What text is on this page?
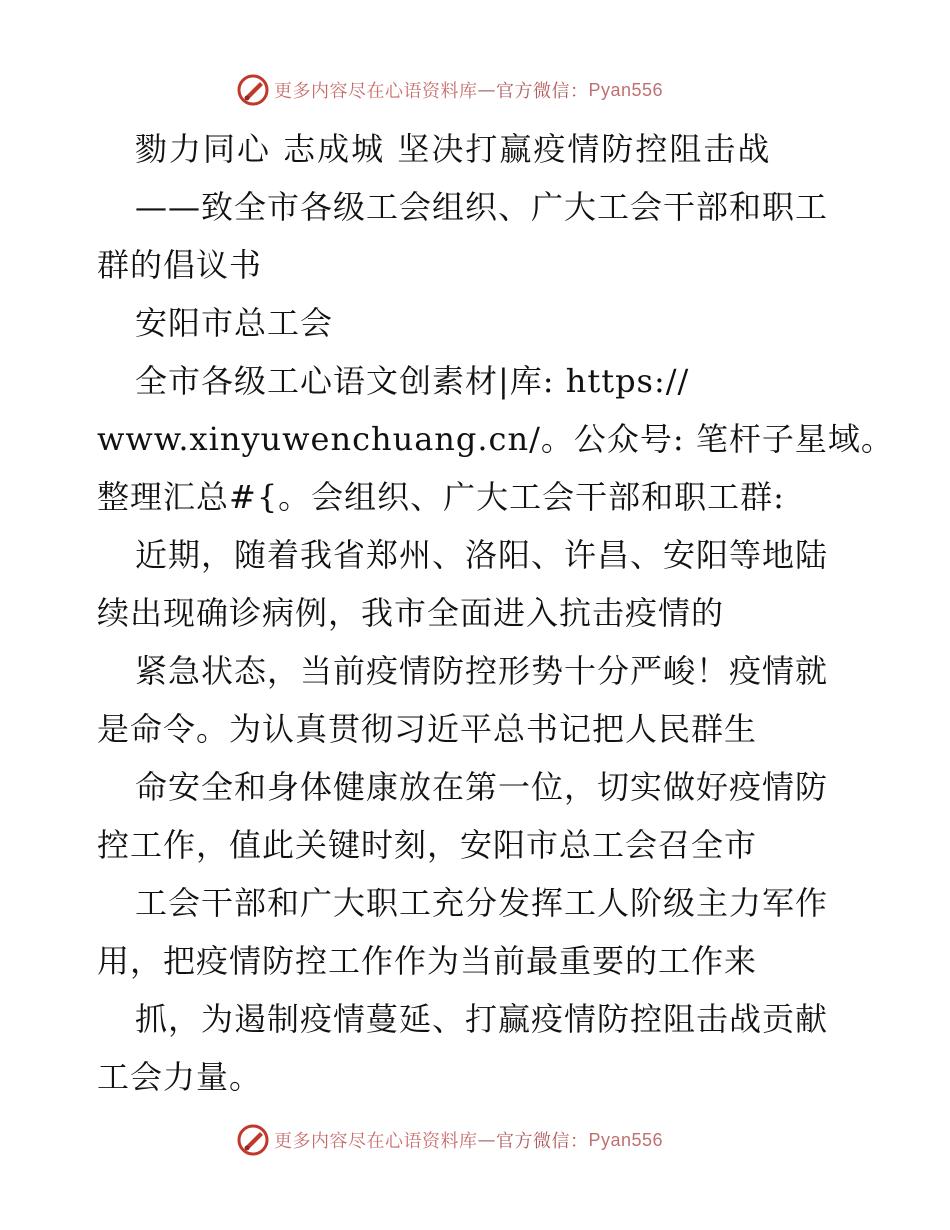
更多内容尽在心语资料库 — 官方微信： Pyan556
勠力同心 志成城 坚决打赢疫情防控阻击战
——致全市各级工会组织、广大工会干部和职工
群的倡议书
安阳市总工会
全市各级工心语文创素材|库: https://
www.xinyuwenchuang.cn/。公众号: 笔杆子星域。
整理汇总#{。会组织、广大工会干部和职工群:
近期，随着我省郑州、洛阳、许昌、安阳等地陆
续出现确诊病例，我市全面进入抗击疫情的
紧急状态，当前疫情防控形势十分严峻！疫情就
是命令。为认真贯彻习近平总书记把人民群生
命安全和身体健康放在第一位，切实做好疫情防
控工作，值此关键时刻，安阳市总工会召全市
工会干部和广大职工充分发挥工人阶级主力军作
用，把疫情防控工作作为当前最重要的工作来
抓，为遏制疫情蔓延、打赢疫情防控阻击战贡献
工会力量。
更多内容尽在心语资料库 — 官方微信： Pyan556
